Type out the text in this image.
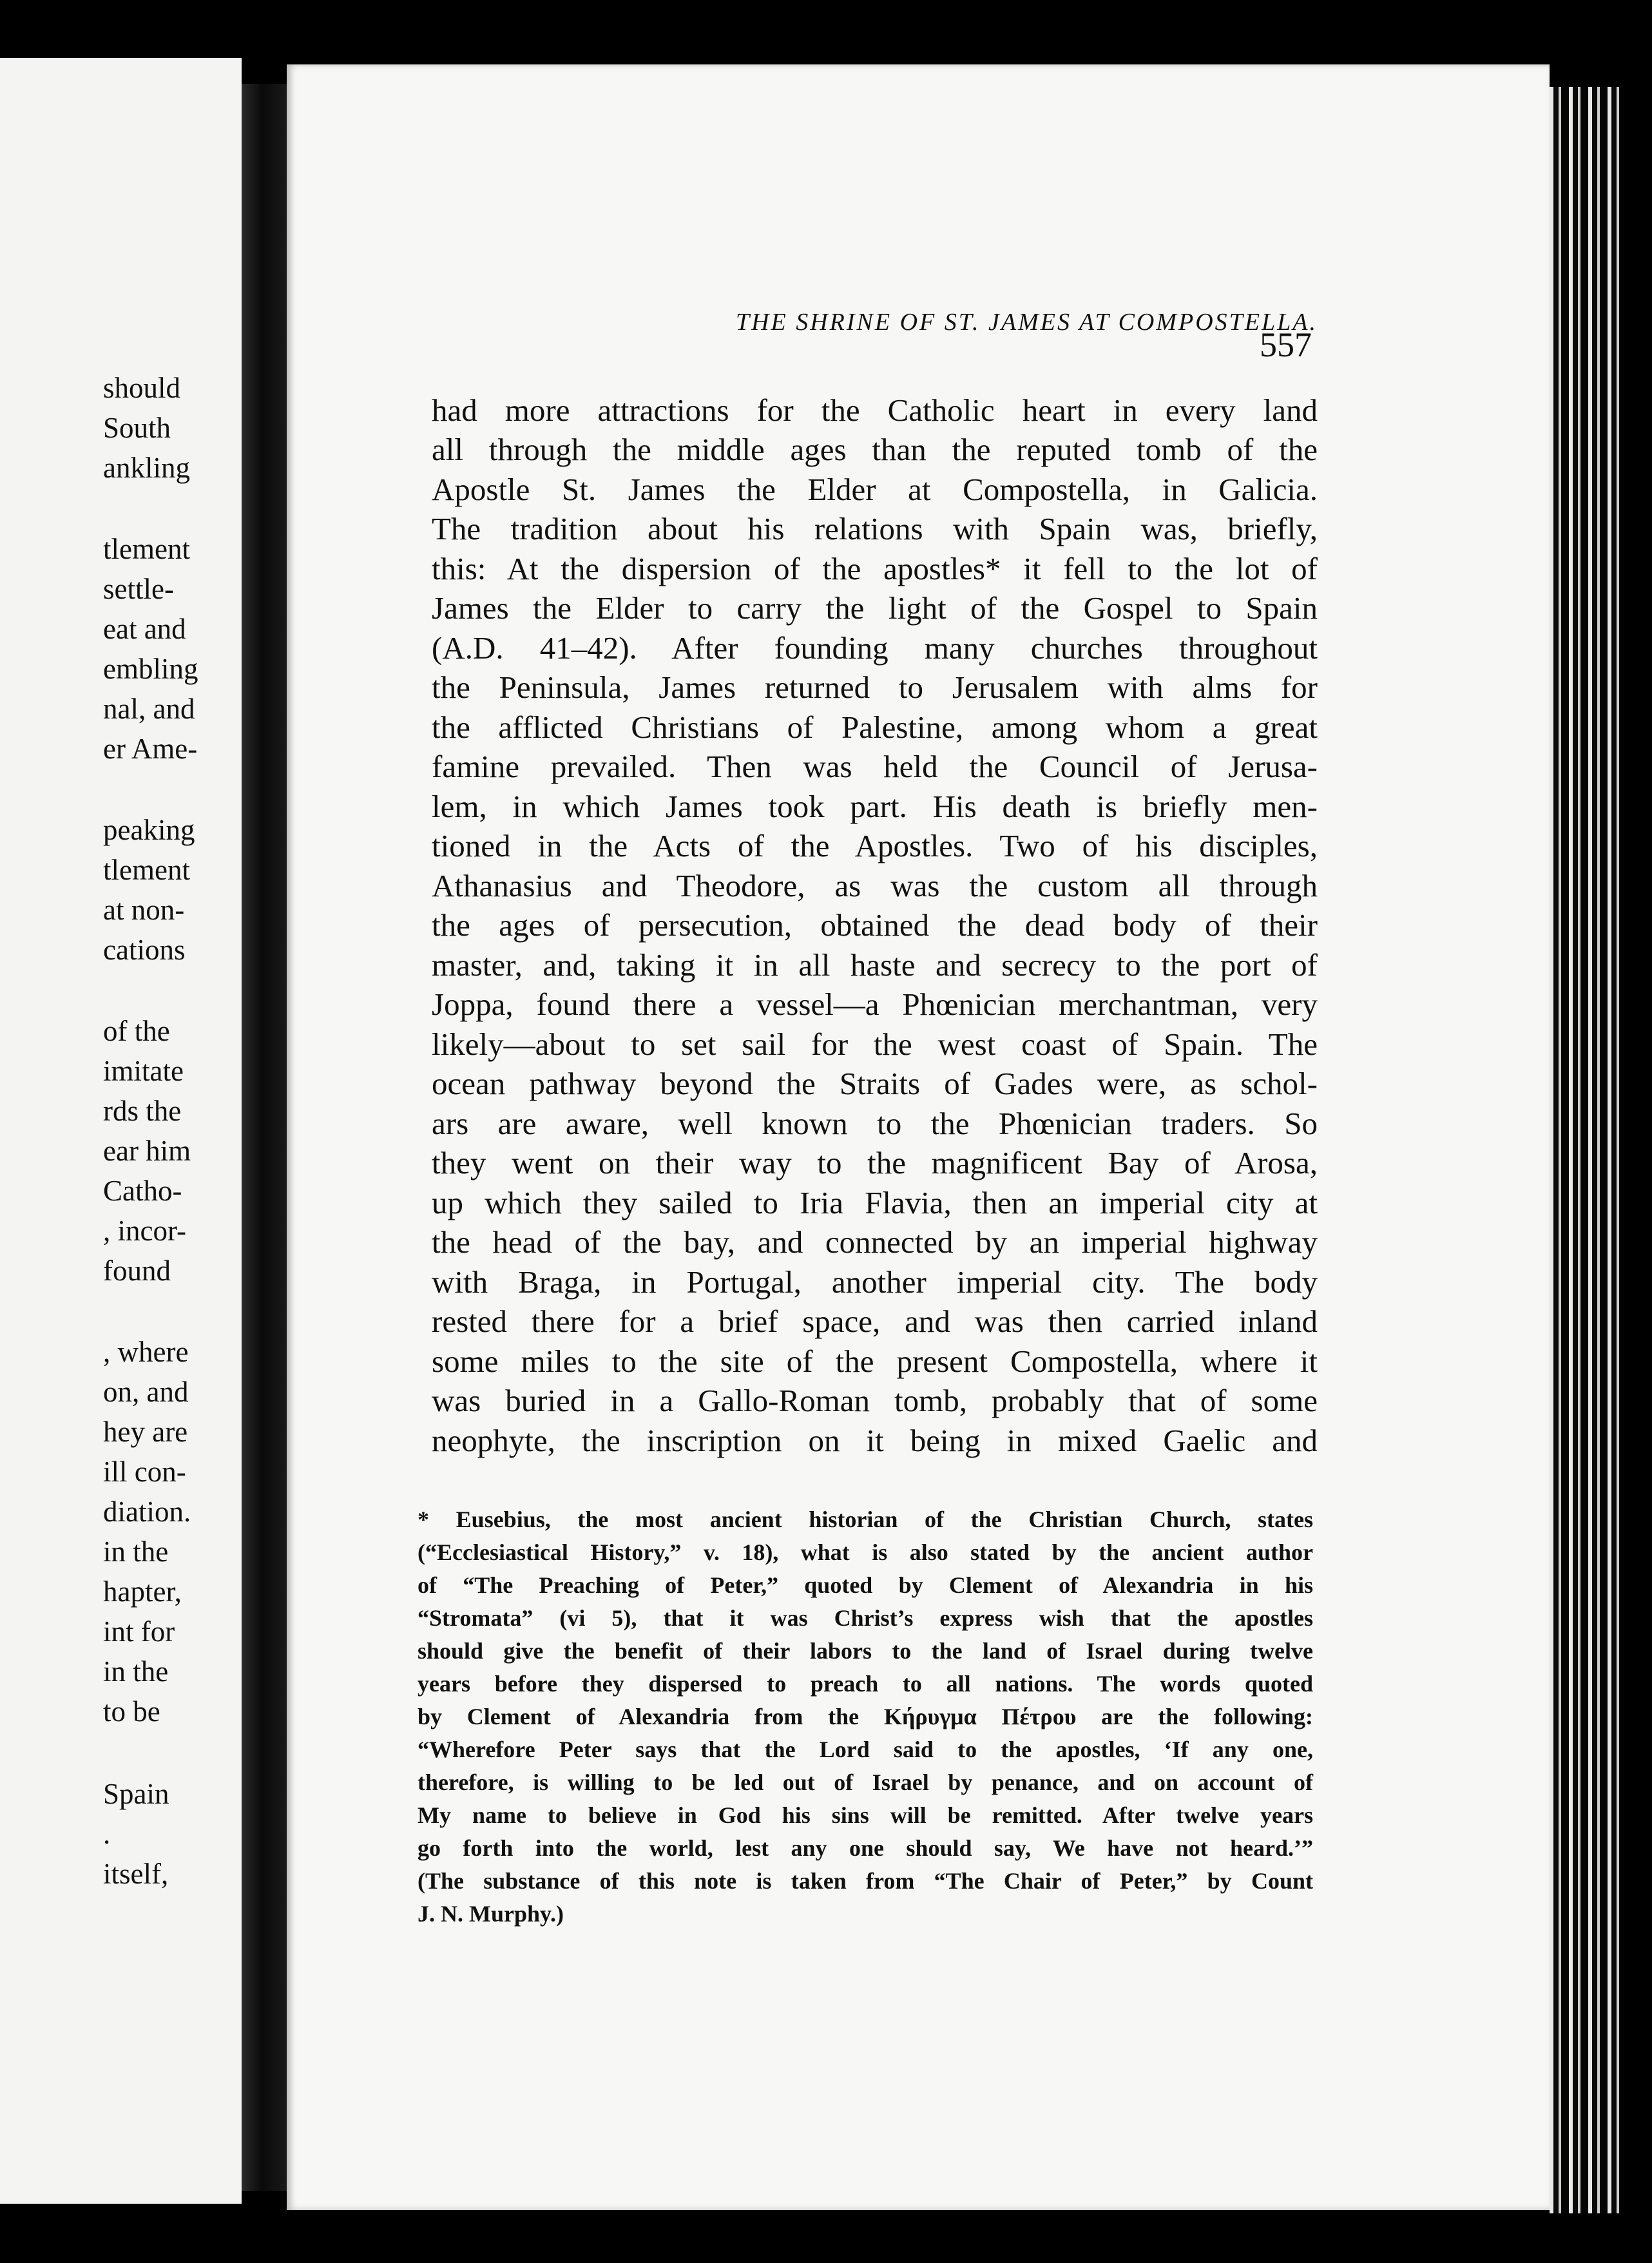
should
South
ankling
tlement
settle-
eat and
embling
nal, and
er Ame-
peaking
tlement
at non-
cations
of the
imitate
rds the
ear him
Catho-
, incor-
found
, where
on, and
hey are
ill con-
diation.
in the
hapter,
int for
in the
to be
Spain
.
itself,
THE SHRINE OF ST. JAMES AT COMPOSTELLA.
557
had more attractions for the Catholic heart in every land
all through the middle ages than the reputed tomb of the
Apostle St. James the Elder at Compostella, in Galicia.
The tradition about his relations with Spain was, briefly,
this: At the dispersion of the apostles* it fell to the lot of
James the Elder to carry the light of the Gospel to Spain
(A.D. 41–42). After founding many churches throughout
the Peninsula, James returned to Jerusalem with alms for
the afflicted Christians of Palestine, among whom a great
famine prevailed. Then was held the Council of Jerusa-
lem, in which James took part. His death is briefly men-
tioned in the Acts of the Apostles. Two of his disciples,
Athanasius and Theodore, as was the custom all through
the ages of persecution, obtained the dead body of their
master, and, taking it in all haste and secrecy to the port of
Joppa, found there a vessel—a Phœnician merchantman, very
likely—about to set sail for the west coast of Spain. The
ocean pathway beyond the Straits of Gades were, as schol-
ars are aware, well known to the Phœnician traders. So
they went on their way to the magnificent Bay of Arosa,
up which they sailed to Iria Flavia, then an imperial city at
the head of the bay, and connected by an imperial highway
with Braga, in Portugal, another imperial city. The body
rested there for a brief space, and was then carried inland
some miles to the site of the present Compostella, where it
was buried in a Gallo-Roman tomb, probably that of some
neophyte, the inscription on it being in mixed Gaelic and
* Eusebius, the most ancient historian of the Christian Church, states
(“Ecclesiastical History,” v. 18), what is also stated by the ancient author
of “The Preaching of Peter,” quoted by Clement of Alexandria in his
“Stromata” (vi 5), that it was Christ’s express wish that the apostles
should give the benefit of their labors to the land of Israel during twelve
years before they dispersed to preach to all nations. The words quoted
by Clement of Alexandria from the Κήρυγμα Πέτρου are the following:
“Wherefore Peter says that the Lord said to the apostles, ‘If any one,
therefore, is willing to be led out of Israel by penance, and on account of
My name to believe in God his sins will be remitted. After twelve years
go forth into the world, lest any one should say, We have not heard.’”
(The substance of this note is taken from “The Chair of Peter,” by Count
J. N. Murphy.)
